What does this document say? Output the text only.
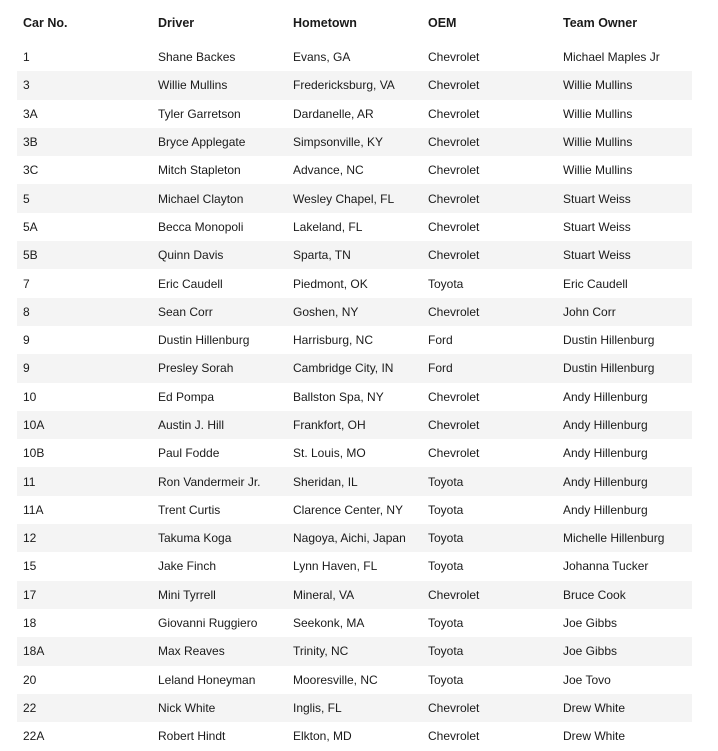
Car No.	Driver	Hometown	OEM	Team Owner
1	Shane Backes	Evans, GA	Chevrolet	Michael Maples Jr
3	Willie Mullins	Fredericksburg, VA	Chevrolet	Willie Mullins
3A	Tyler Garretson	Dardanelle, AR	Chevrolet	Willie Mullins
3B	Bryce Applegate	Simpsonville, KY	Chevrolet	Willie Mullins
3C	Mitch Stapleton	Advance, NC	Chevrolet	Willie Mullins
5	Michael Clayton	Wesley Chapel, FL	Chevrolet	Stuart Weiss
5A	Becca Monopoli	Lakeland, FL	Chevrolet	Stuart Weiss
5B	Quinn Davis	Sparta, TN	Chevrolet	Stuart Weiss
7	Eric Caudell	Piedmont, OK	Toyota	Eric Caudell
8	Sean Corr	Goshen, NY	Chevrolet	John Corr
9	Dustin Hillenburg	Harrisburg, NC	Ford	Dustin Hillenburg
9	Presley Sorah	Cambridge City, IN	Ford	Dustin Hillenburg
10	Ed Pompa	Ballston Spa, NY	Chevrolet	Andy Hillenburg
10A	Austin J. Hill	Frankfort, OH	Chevrolet	Andy Hillenburg
10B	Paul Fodde	St. Louis, MO	Chevrolet	Andy Hillenburg
11	Ron Vandermeir Jr.	Sheridan, IL	Toyota	Andy Hillenburg
11A	Trent Curtis	Clarence Center, NY	Toyota	Andy Hillenburg
12	Takuma Koga	Nagoya, Aichi, Japan	Toyota	Michelle Hillenburg
15	Jake Finch	Lynn Haven, FL	Toyota	Johanna Tucker
17	Mini Tyrrell	Mineral, VA	Chevrolet	Bruce Cook
18	Giovanni Ruggiero	Seekonk, MA	Toyota	Joe Gibbs
18A	Max Reaves	Trinity, NC	Toyota	Joe Gibbs
20	Leland Honeyman	Mooresville, NC	Toyota	Joe Tovo
22	Nick White	Inglis, FL	Chevrolet	Drew White
22A	Robert Hindt	Elkton, MD	Chevrolet	Drew White
